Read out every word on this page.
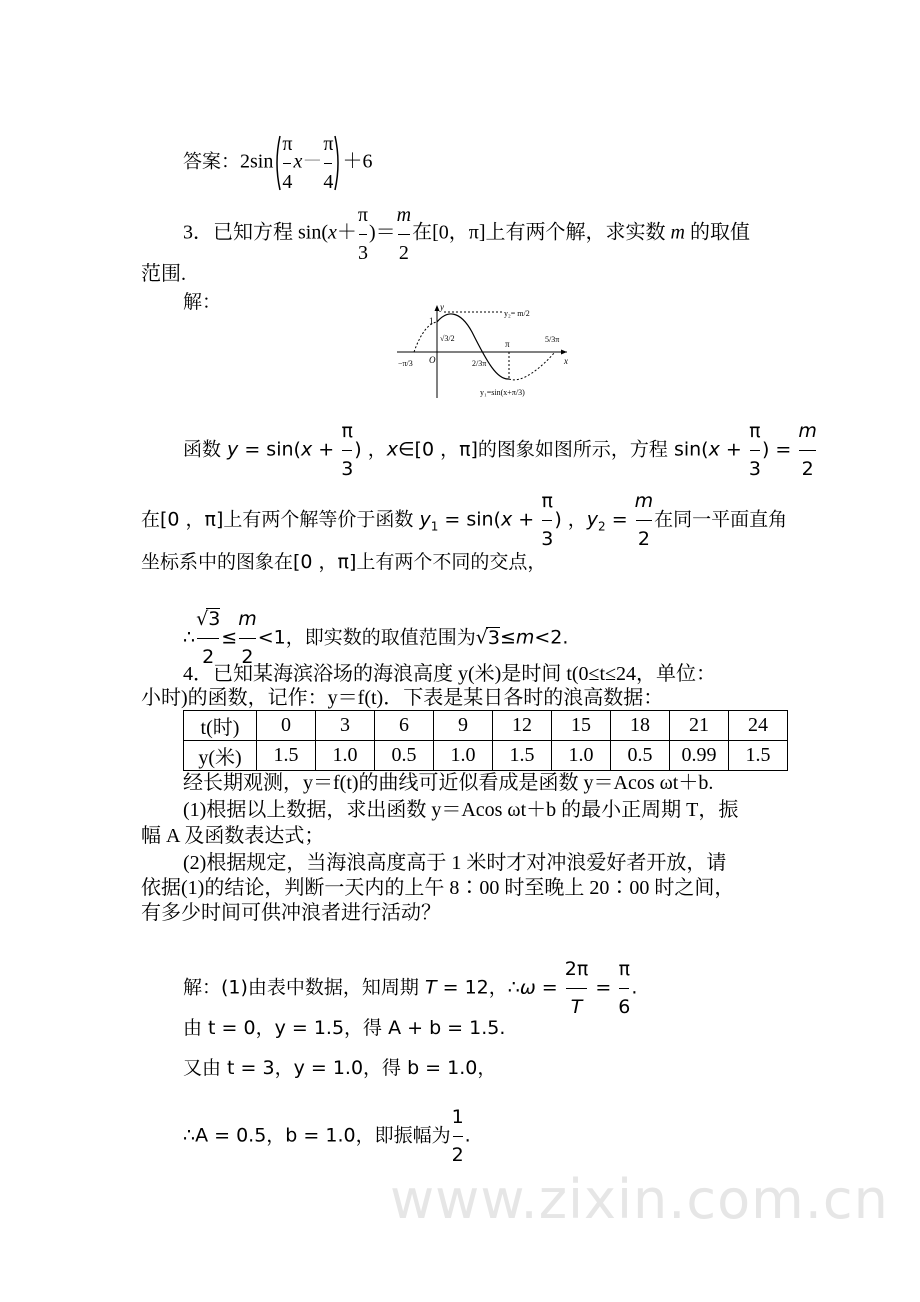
www.zixin.com.cn
答案：$2\sin \frac{\pi}{4} x- \frac{\pi}{4} +6$
3．已知方程 $\sin(x+ \frac{\pi}{3}$ )＝ $\frac{m}{2}$ 在[0，π]上有两个解，求实数 m 的取值
范围.
解：	y
x
1
O
y₂= m/2
√3/2
−π/3	2/3π
π	5/3π
y₁=sin(x+π/3)
函数 $y = \sin(x + \frac{\pi}{3}$ ) ，x∈[0 ，π]的图象如图所示，方程 $\sin(x + \frac{\pi}{3}$ ) = $\frac{m}{2}$
在[0 ，π]上有两个解等价于函数 $y_1 = \sin(x + \frac{\pi}{3}$ ) ，$y_2 = \frac{m}{2}$ 在同一平面直角
坐标系中的图象在[0 ，π]上有两个不同的交点，
∴ $\frac{√3}{2} \le \frac{m}{2} <1$，即实数的取值范围为√3≤m<2.
4．已知某海滨浴场的海浪高度 y(米)是时间 t(0≤t≤24，单位：
小时)的函数，记作：y＝f(t)．下表是某日各时的浪高数据：
t(时)	0	3	6	9	12	15	18	21	24
y(米)	1.5	1.0	0.5	1.0	1.5	1.0	0.5	0.99	1.5
经长期观测，y＝f(t)的曲线可近似看成是函数 y＝Acos ωt＋b.
(1)根据以上数据，求出函数 y＝Acos ωt＋b 的最小正周期 T，振
幅 A 及函数表达式；
(2)根据规定，当海浪高度高于 1 米时才对冲浪爱好者开放，请
依据(1)的结论，判断一天内的上午 8∶00 时至晚上 20∶00 时之间，
有多少时间可供冲浪者进行活动？
解：(1)由表中数据，知周期 T = 12，∴ω = $\frac{2\pi}{T} = \frac{\pi}{6}$ .
由 t = 0，y = 1.5，得 A + b = 1.5.
又由 t = 3，y = 1.0，得 b = 1.0，
∴A = 0.5，b = 1.0，即振幅为 $\frac{1}{2}$ .
